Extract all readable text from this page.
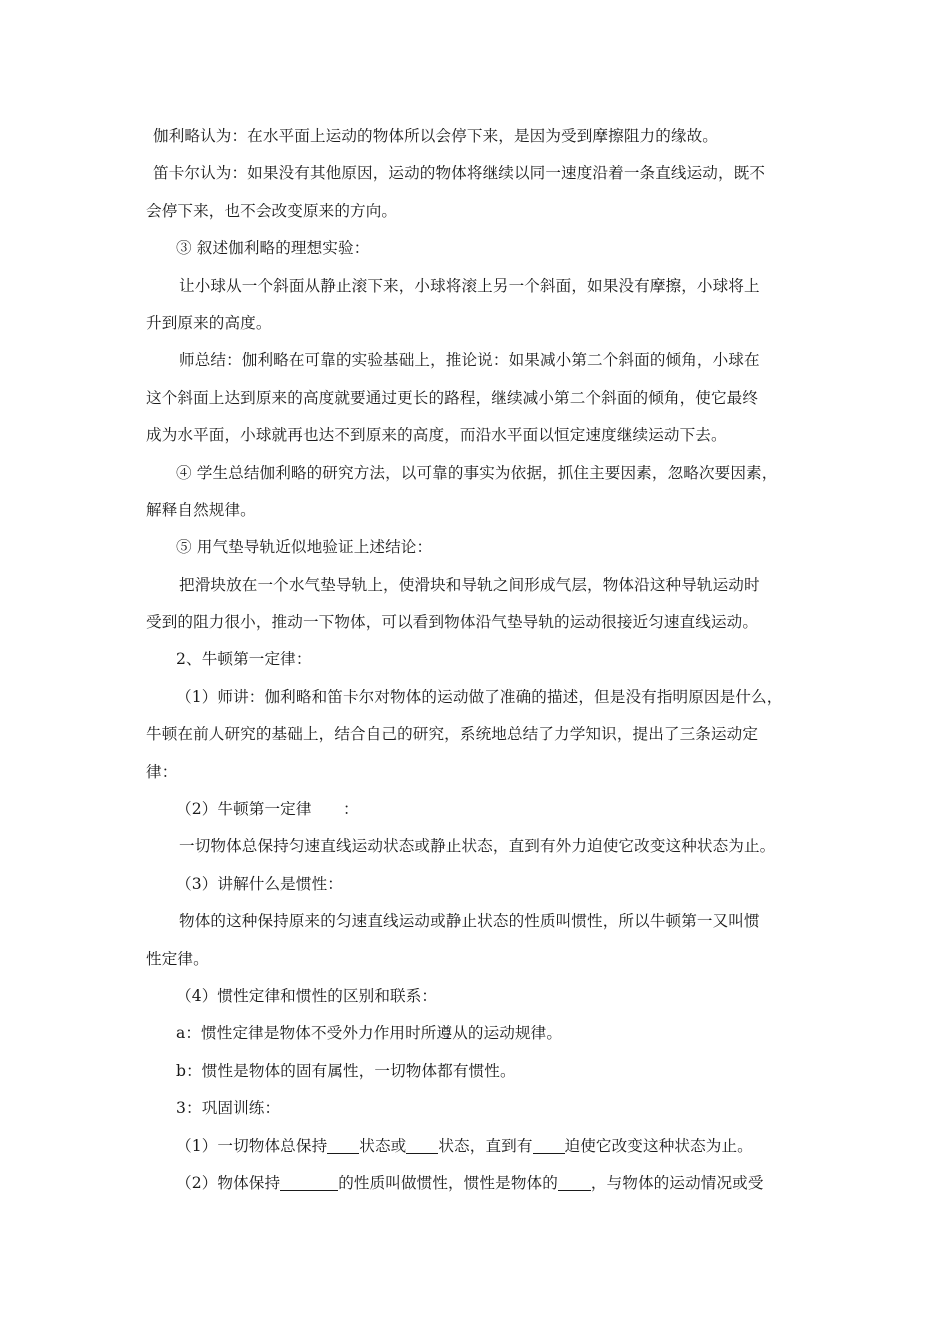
伽利略认为：在水平面上运动的物体所以会停下来，是因为受到摩擦阻力的缘故。
笛卡尔认为：如果没有其他原因，运动的物体将继续以同一速度沿着一条直线运动，既不
会停下来，也不会改变原来的方向。
③ 叙述伽利略的理想实验：
让小球从一个斜面从静止滚下来，小球将滚上另一个斜面，如果没有摩擦，小球将上
升到原来的高度。
师总结：伽利略在可靠的实验基础上，推论说：如果减小第二个斜面的倾角，小球在
这个斜面上达到原来的高度就要通过更长的路程，继续减小第二个斜面的倾角，使它最终
成为水平面，小球就再也达不到原来的高度，而沿水平面以恒定速度继续运动下去。
④ 学生总结伽利略的研究方法，以可靠的事实为依据，抓住主要因素，忽略次要因素，
解释自然规律。
⑤ 用气垫导轨近似地验证上述结论：
把滑块放在一个水气垫导轨上，使滑块和导轨之间形成气层，物体沿这种导轨运动时
受到的阻力很小，推动一下物体，可以看到物体沿气垫导轨的运动很接近匀速直线运动。
2、牛顿第一定律：
（1）师讲：伽利略和笛卡尔对物体的运动做了准确的描述，但是没有指明原因是什么，
牛顿在前人研究的基础上，结合自己的研究，系统地总结了力学知识，提出了三条运动定
律：
（2）牛顿第一定律　　：
一切物体总保持匀速直线运动状态或静止状态，直到有外力迫使它改变这种状态为止。
（3）讲解什么是惯性：
物体的这种保持原来的匀速直线运动或静止状态的性质叫惯性，所以牛顿第一又叫惯
性定律。
（4）惯性定律和惯性的区别和联系：
a：惯性定律是物体不受外力作用时所遵从的运动规律。
b：惯性是物体的固有属性，一切物体都有惯性。
3：巩固训练：
（1）一切物体总保持 状态或 状态，直到有 迫使它改变这种状态为止。
（2）物体保持	的性质叫做惯性，惯性是物体的 ，与物体的运动情况或受
